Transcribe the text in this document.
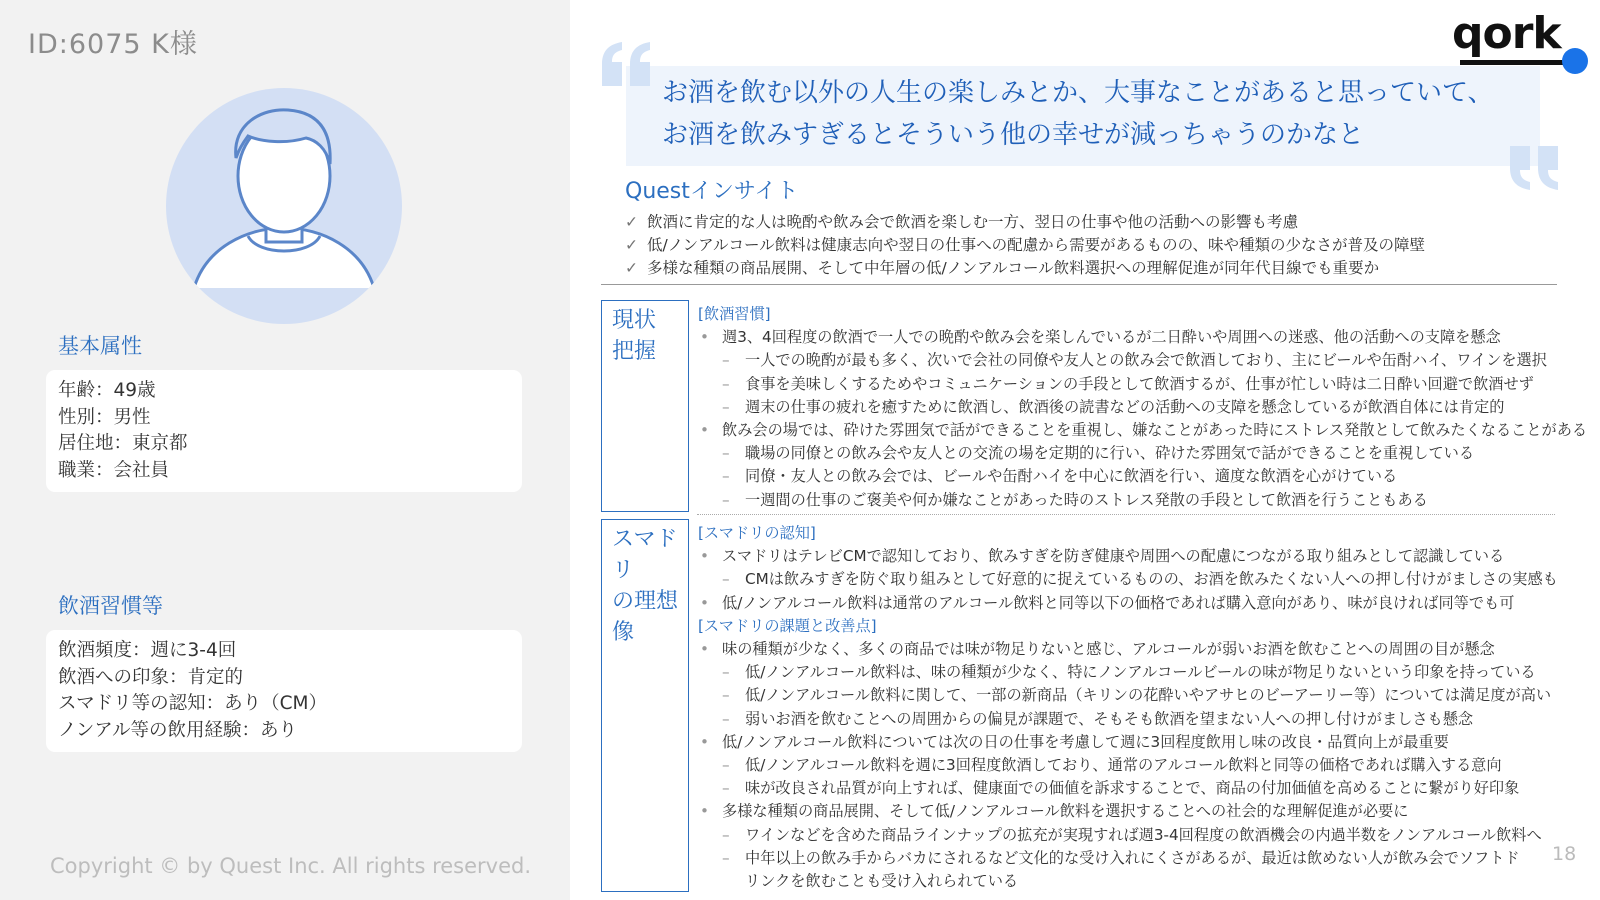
ID:6075 K様
基本属性

年齢：49歳

性別：男性

居住地：東京都

職業：会社員

飲酒習慣等

飲酒頻度：週に3-4回

飲酒への印象：肯定的

スマドリ等の認知：あり（CM）

ノンアル等の飲用経験：あり

Copyright © by Quest Inc. All rights reserved.
qork
お酒を飲む以外の人生の楽しみとか、大事なことがあると思っていて、お酒を飲みすぎるとそういう他の幸せが減っちゃうのかなと
Questインサイト
✓ 飲酒に肯定的な人は晩酌や飲み会で飲酒を楽しむ一方、翌日の仕事や他の活動への影響も考慮
✓ 低/ノンアルコール飲料は健康志向や翌日の仕事への配慮から需要があるものの、味や種類の少なさが普及の障壁
✓ 多様な種類の商品展開、そして中年層の低/ノンアルコール飲料選択への理解促進が同年代目線でも重要か
現状
把握
[飲酒習慣]
• 週3、4回程度の飲酒で一人での晩酌や飲み会を楽しんでいるが二日酔いや周囲への迷惑、他の活動への支障を懸念
– 一人での晩酌が最も多く、次いで会社の同僚や友人との飲み会で飲酒しており、主にビールや缶酎ハイ、ワインを選択
– 食事を美味しくするためやコミュニケーションの手段として飲酒するが、仕事が忙しい時は二日酔い回避で飲酒せず
– 週末の仕事の疲れを癒すために飲酒し、飲酒後の読書などの活動への支障を懸念しているが飲酒自体には肯定的
• 飲み会の場では、砕けた雰囲気で話ができることを重視し、嫌なことがあった時にストレス発散として飲みたくなることがある
– 職場の同僚との飲み会や友人との交流の場を定期的に行い、砕けた雰囲気で話ができることを重視している
– 同僚・友人との飲み会では、ビールや缶酎ハイを中心に飲酒を行い、適度な飲酒を心がけている
– 一週間の仕事のご褒美や何か嫌なことがあった時のストレス発散の手段として飲酒を行うこともある
スマドリ
の理想
像
[スマドリの認知]
• スマドリはテレビCMで認知しており、飲みすぎを防ぎ健康や周囲への配慮につながる取り組みとして認識している
– CMは飲みすぎを防ぐ取り組みとして好意的に捉えているものの、お酒を飲みたくない人への押し付けがましさの実感も
• 低/ノンアルコール飲料は通常のアルコール飲料と同等以下の価格であれば購入意向があり、味が良ければ同等でも可
[スマドリの課題と改善点]
• 味の種類が少なく、多くの商品では味が物足りないと感じ、アルコールが弱いお酒を飲むことへの周囲の目が懸念
– 低/ノンアルコール飲料は、味の種類が少なく、特にノンアルコールビールの味が物足りないという印象を持っている
– 低/ノンアルコール飲料に関して、一部の新商品（キリンの花酔いやアサヒのビーアーリー等）については満足度が高い
– 弱いお酒を飲むことへの周囲からの偏見が課題で、そもそも飲酒を望まない人への押し付けがましさも懸念
• 低/ノンアルコール飲料については次の日の仕事を考慮して週に3回程度飲用し味の改良・品質向上が最重要
– 低/ノンアルコール飲料を週に3回程度飲酒しており、通常のアルコール飲料と同等の価格であれば購入する意向
– 味が改良され品質が向上すれば、健康面での価値を訴求することで、商品の付加価値を高めることに繋がり好印象
• 多様な種類の商品展開、そして低/ノンアルコール飲料を選択することへの社会的な理解促進が必要に
– ワインなどを含めた商品ラインナップの拡充が実現すれば週3-4回程度の飲酒機会の内過半数をノンアルコール飲料へ
– 中年以上の飲み手からバカにされるなど文化的な受け入れにくさがあるが、最近は飲めない人が飲み会でソフトドリンクを飲むことも受け入れられている
18
